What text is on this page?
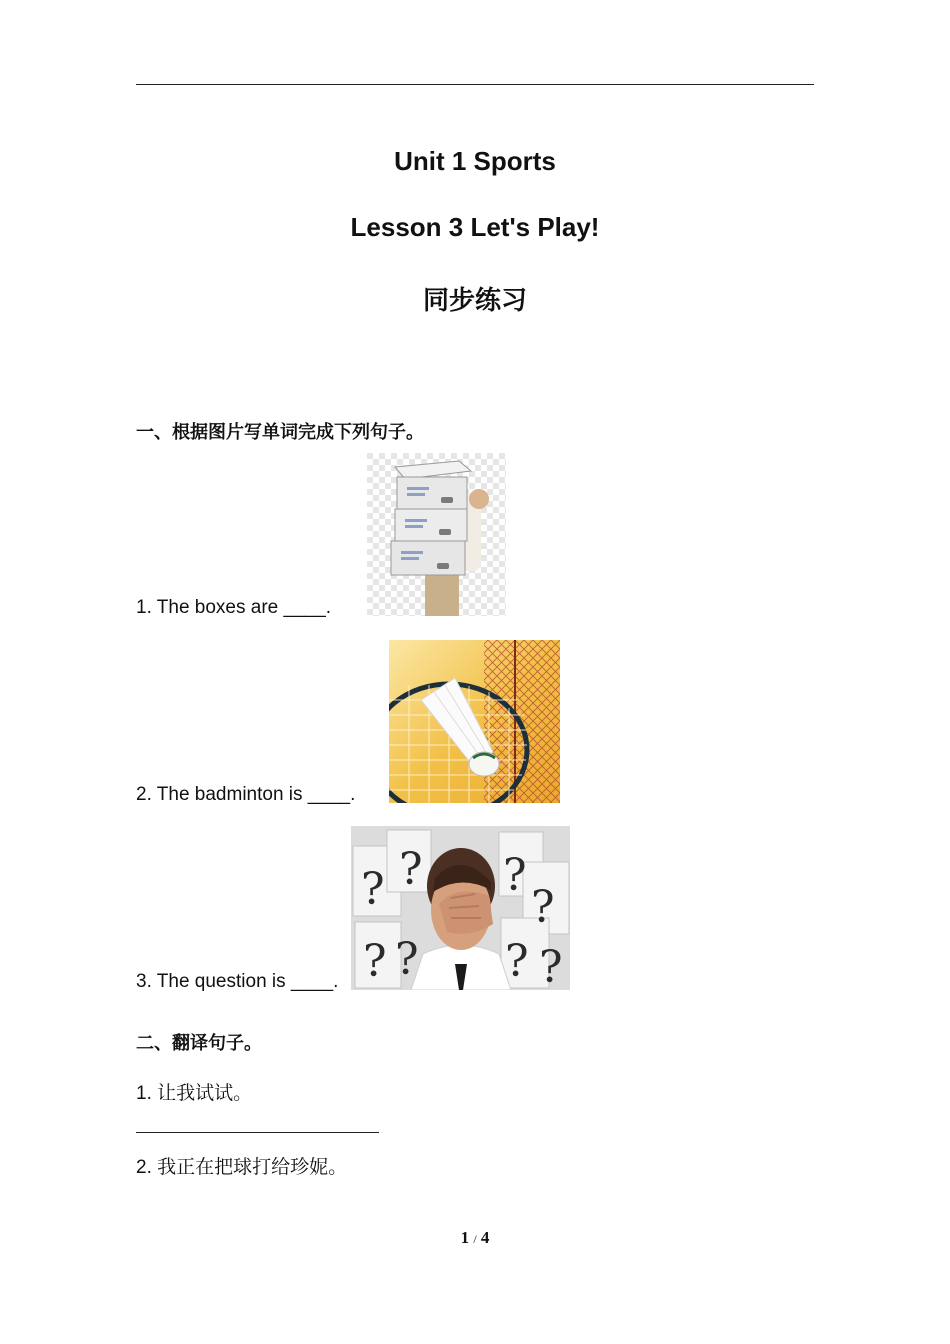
Unit 1 Sports
Lesson 3 Let's Play!
同步练习
一、根据图片写单词完成下列句子。
1. The boxes are ____.
2. The badminton is ____.
3. The question is ____.
? ?
? ?
?
?
? ?
二、翻译句子。
1. 让我试试。
2. 我正在把球打给珍妮。
1 / 4
